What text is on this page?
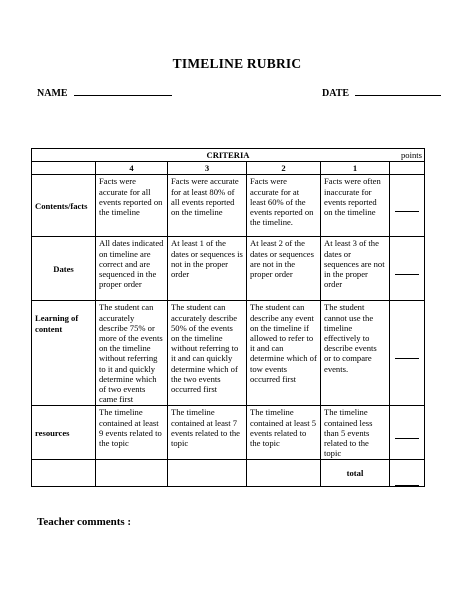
TIMELINE RUBRIC
NAME	DATE
CRITERIA points					

	4	3	2	1	
Contents/facts	Facts were accurate for all events reported on the timeline	Facts were accurate for at least 80% of all events reported on the timeline	Facts were accurate for at least 60% of the events reported on the timeline.	Facts were often inaccurate for events reported on the timeline	
Dates	All dates indicated on timeline are correct and are sequenced in the proper order	At least 1 of the dates or sequences is not in the proper order	At least 2 of the dates or sequences are not in the proper order	At least 3 of the dates or sequences are not in the proper order	
Learning of content	The student can accurately describe 75% or more of the events on the timeline without referring to it and quickly determine which of two events came first	The student can accurately describe 50% of the events on the timeline without referring to it and can quickly determine which of the two events occurred first	The student can describe any event on the timeline if allowed to refer to it and can determine which of tow events occurred first	The student cannot use the timeline effectively to describe events or to compare events.	
resources	The timeline contained at least 9 events related to the topic	The timeline contained at least 7 events related to the topic	The timeline contained at least 5 events related to the topic	The timeline contained less than 5 events related to the topic	
				total	
Teacher comments :
